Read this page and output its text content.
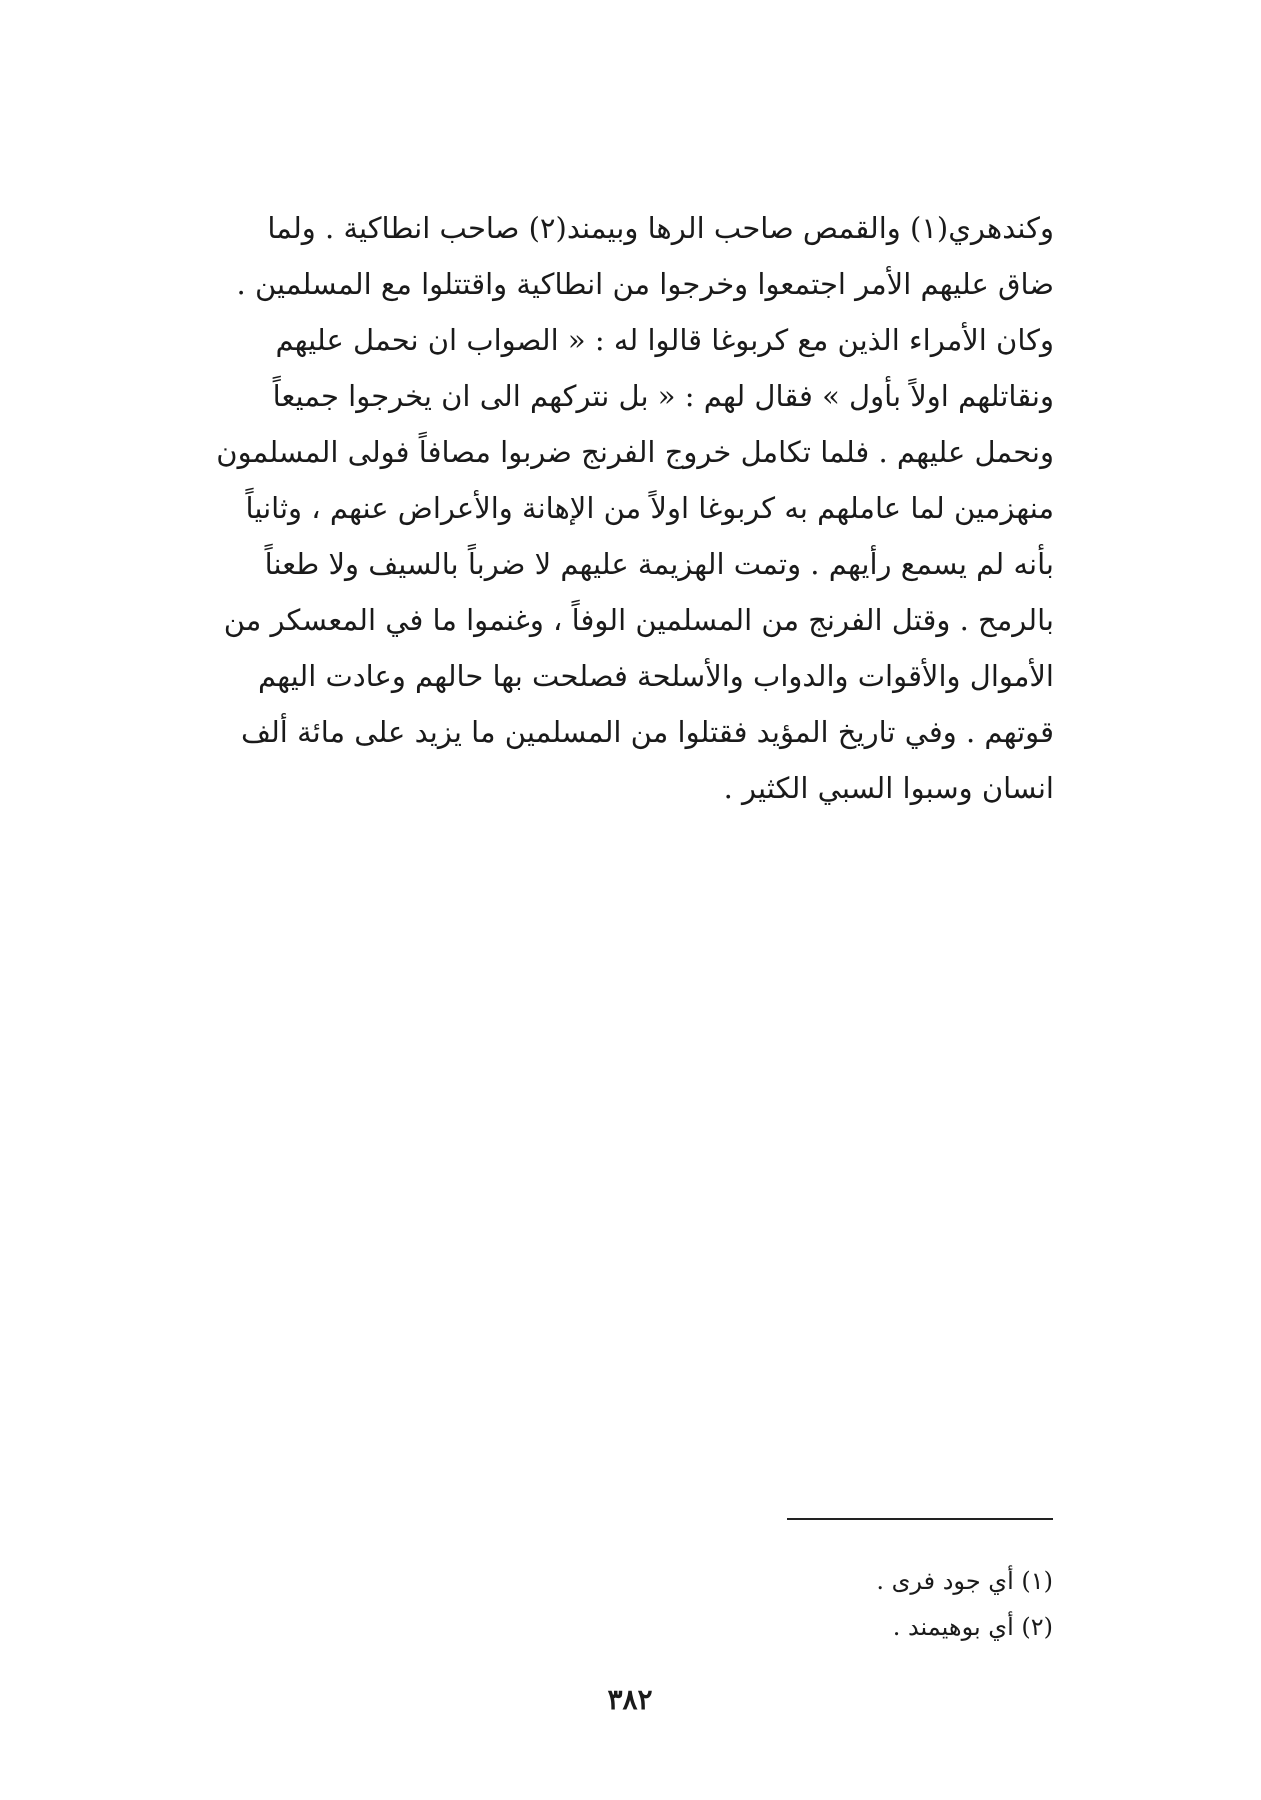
وكندهري(١) والقمص صاحب الرها وبيمند(٢) صاحب انطاكية . ولما
ضاق عليهم الأمر اجتمعوا وخرجوا من انطاكية واقتتلوا مع المسلمين .
وكان الأمراء الذين مع كربوغا قالوا له : « الصواب ان نحمل عليهم
ونقاتلهم اولاً بأول » فقال لهم : « بل نتركهم الى ان يخرجوا جميعاً
ونحمل عليهم . فلما تكامل خروج الفرنج ضربوا مصافاً فولى المسلمون
منهزمين لما عاملهم به كربوغا اولاً من الإهانة والأعراض عنهم ، وثانياً
بأنه لم يسمع رأيهم . وتمت الهزيمة عليهم لا ضرباً بالسيف ولا طعناً
بالرمح . وقتل الفرنج من المسلمين الوفاً ، وغنموا ما في المعسكر من
الأموال والأقوات والدواب والأسلحة فصلحت بها حالهم وعادت اليهم
قوتهم . وفي تاريخ المؤيد فقتلوا من المسلمين ما يزيد على مائة ألف
انسان وسبوا السبي الكثير .
(١) أي جود فرى .
(٢) أي بوهيمند .
٣٨٢
